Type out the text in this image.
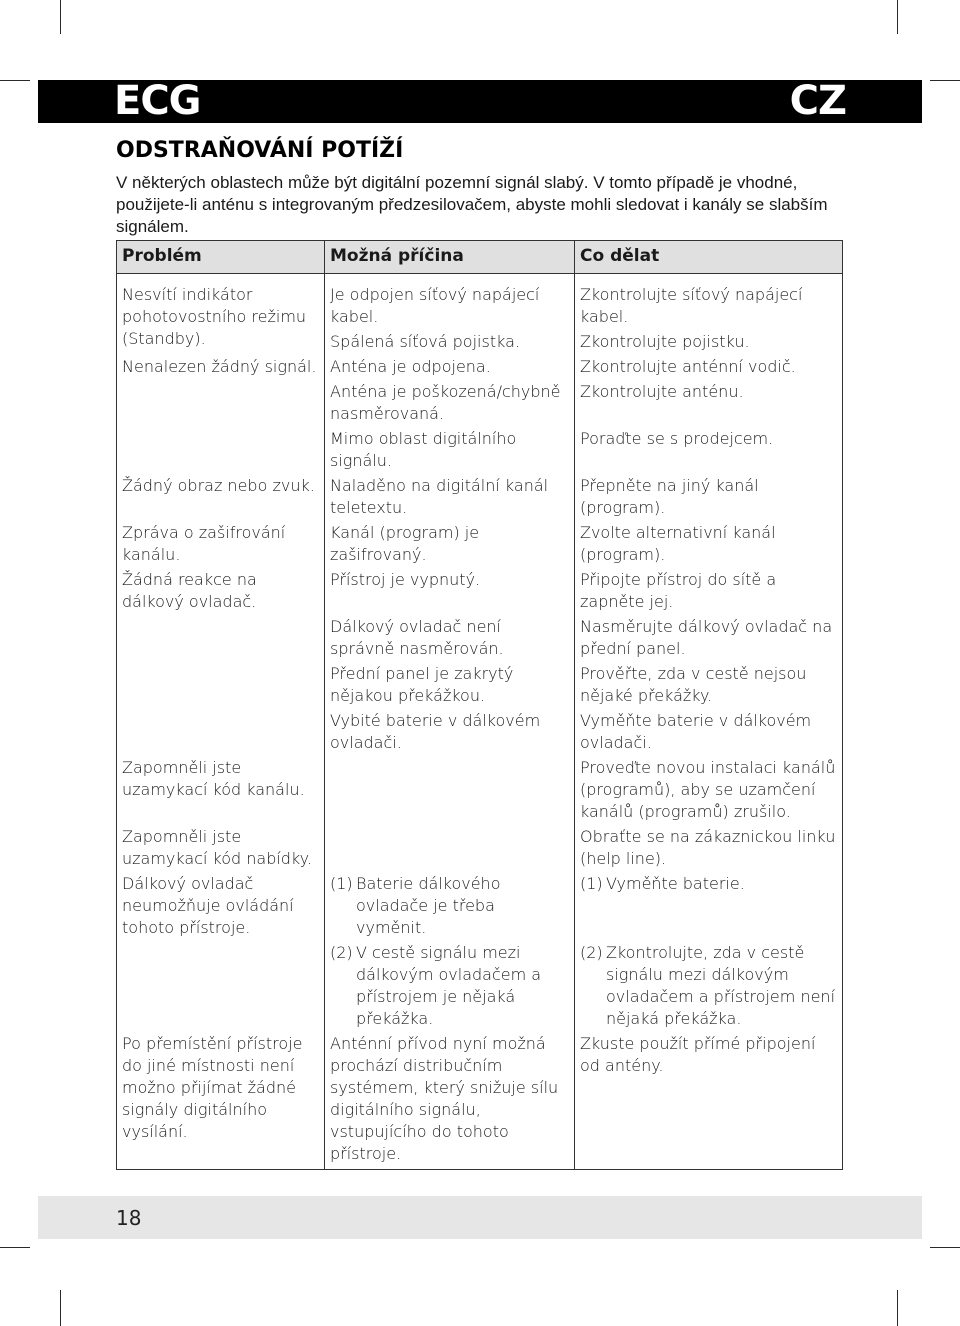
ECG	CZ
ODSTRAŇOVÁNÍ POTÍŽÍ

V některých oblastech může být digitální pozemní signál slabý. V tomto případě je vhodné, použijete-li anténu s integrovaným předzesilovačem, abyste mohli sledovat i kanály se slabším signálem.

Problém	Možná příčina	Co dělat
Nesvítí indikátor pohotovostního režimu (Standby).	Je odpojen síťový napájecí kabel.	Zkontrolujte síťový napájecí kabel.
	Spálená síťová pojistka.	Zkontrolujte pojistku.
Nenalezen žádný signál.	Anténa je odpojena.	Zkontrolujte anténní vodič.
	Anténa je poškozená/chybně nasměrovaná.	Zkontrolujte anténu.
	Mimo oblast digitálního signálu.	Poraďte se s prodejcem.
Žádný obraz nebo zvuk.	Naladěno na digitální kanál teletextu.	Přepněte na jiný kanál (program).
Zpráva o zašifrování kanálu.	Kanál (program) je zašifrovaný.	Zvolte alternativní kanál (program).
Žádná reakce na dálkový ovladač.	Přístroj je vypnutý.	Připojte přístroj do sítě a zapněte jej.
	Dálkový ovladač není správně nasměrován.	Nasměrujte dálkový ovladač na přední panel.
	Přední panel je zakrytý nějakou překážkou.	Prověřte, zda v cestě nejsou nějaké překážky.
	Vybité baterie v dálkovém ovladači.	Vyměňte baterie v dálkovém ovladači.
Zapomněli jste uzamykací kód kanálu.		Proveďte novou instalaci kanálů (programů), aby se uzamčení kanálů (programů) zrušilo.
Zapomněli jste uzamykací kód nabídky.		Obraťte se na zákaznickou linku (help line).
Dálkový ovladač neumožňuje ovládání tohoto přístroje.	(1) Baterie dálkového ovladače je třeba vyměnit.	(1) Vyměňte baterie.

	(2) V cestě signálu mezi dálkovým ovladačem a přístrojem je nějaká překážka.	(2) Zkontrolujte, zda v cestě signálu mezi dálkovým ovladačem a přístrojem není nějaká překážka.

Po přemístění přístroje do jiné místnosti není možno přijímat žádné signály digitálního vysílání.	Anténní přívod nyní možná prochází distribučním systémem, který snižuje sílu digitálního signálu, vstupujícího do tohoto přístroje.	Zkuste použít přímé připojení od antény.
18
